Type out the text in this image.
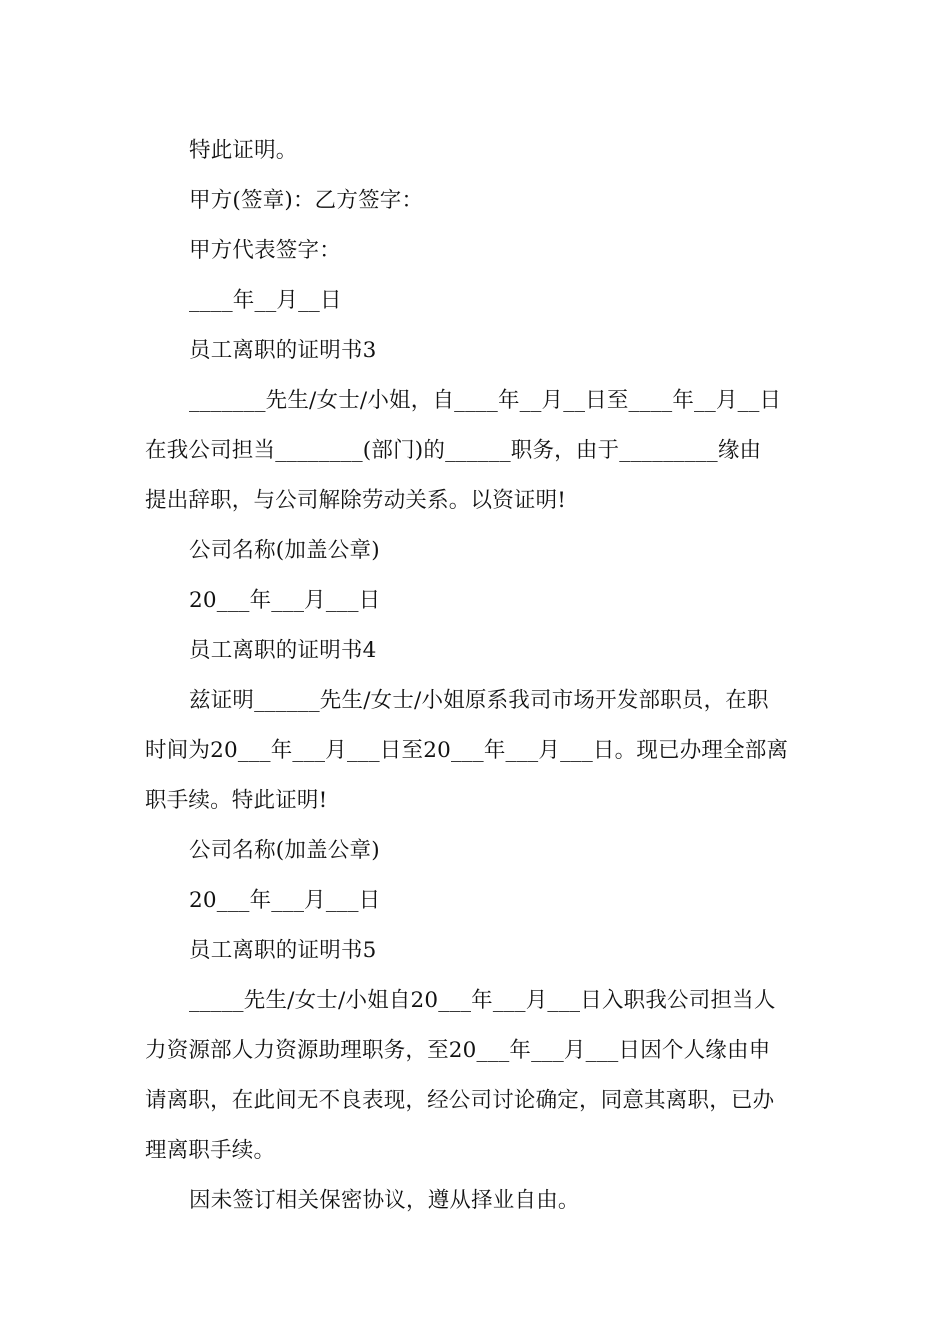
特此证明。
甲方(签章)：乙方签字：
甲方代表签字：
____年__月__日
员工离职的证明书3
_______先生/女士/小姐，自____年__月__日至____年__月__日
在我公司担当________(部门)的______职务，由于_________缘由
提出辞职，与公司解除劳动关系。以资证明!
公司名称(加盖公章)
20___年___月___日
员工离职的证明书4
兹证明______先生/女士/小姐原系我司市场开发部职员，在职
时间为20___年___月___日至20___年___月___日。现已办理全部离
职手续。特此证明!
公司名称(加盖公章)
20___年___月___日
员工离职的证明书5
_____先生/女士/小姐自20___年___月___日入职我公司担当人
力资源部人力资源助理职务，至20___年___月___日因个人缘由申
请离职，在此间无不良表现，经公司讨论确定，同意其离职，已办
理离职手续。
因未签订相关保密协议，遵从择业自由。
